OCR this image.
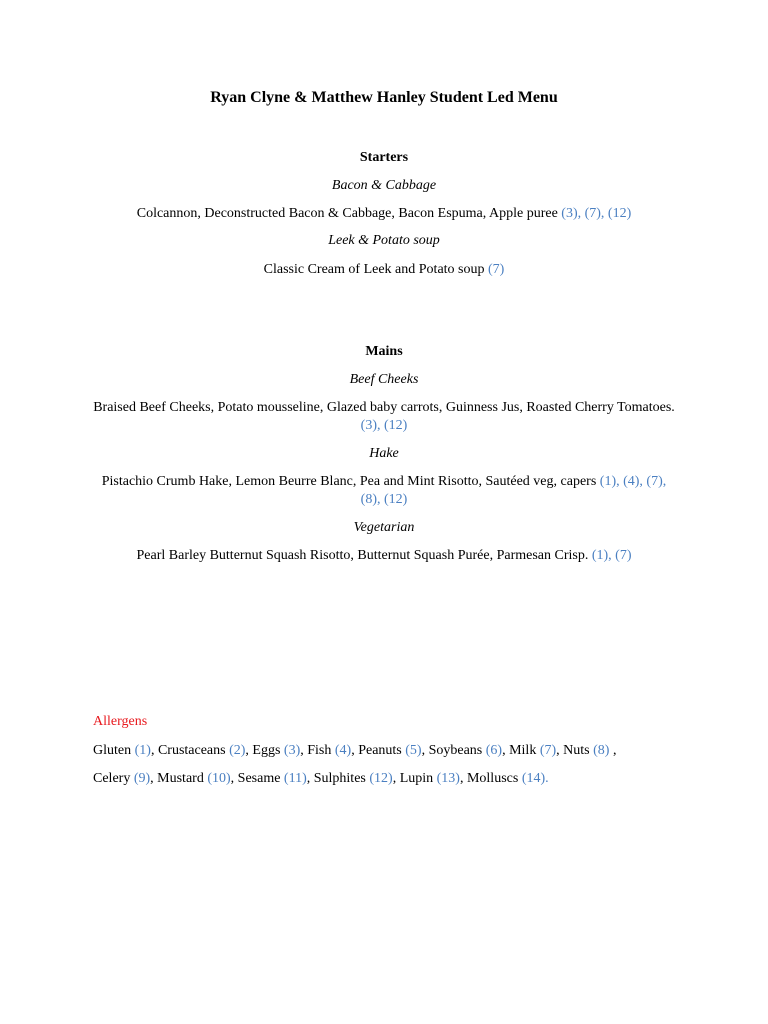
Ryan Clyne & Matthew Hanley Student Led Menu
Starters
Bacon & Cabbage
Colcannon, Deconstructed Bacon & Cabbage, Bacon Espuma, Apple puree (3), (7), (12)
Leek & Potato soup
Classic Cream of Leek and Potato soup (7)
Mains
Beef Cheeks
Braised Beef Cheeks, Potato mousseline, Glazed baby carrots, Guinness Jus, Roasted Cherry Tomatoes. (3), (12)
Hake
Pistachio Crumb Hake, Lemon Beurre Blanc, Pea and Mint Risotto, Sautéed veg, capers (1), (4), (7), (8), (12)
Vegetarian
Pearl Barley Butternut Squash Risotto, Butternut Squash Purée, Parmesan Crisp. (1), (7)
Allergens
Gluten (1), Crustaceans (2), Eggs (3), Fish (4), Peanuts (5), Soybeans (6), Milk (7), Nuts (8) ,
Celery (9), Mustard (10), Sesame (11), Sulphites (12), Lupin (13), Molluscs (14).
